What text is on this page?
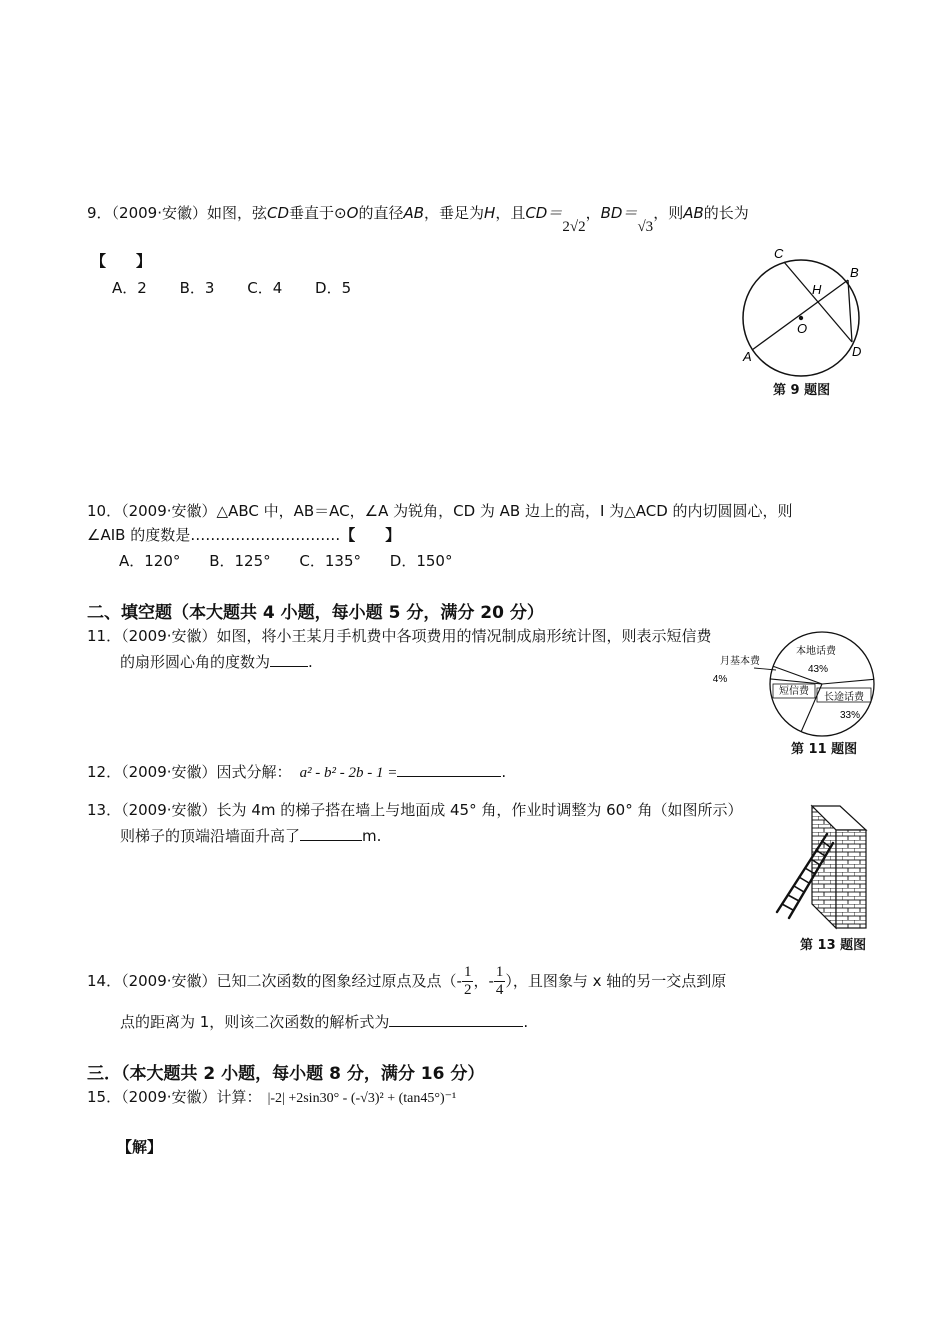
9．（2009·安徽）如图，弦CD垂直于⊙O的直径AB，垂足为H，且CD＝2√2，BD＝√3，则AB的长为
【　　】
A．2 B．3 C．4 D．5
C
B
H
O
A	D
第 9 题图
10．（2009·安徽）△ABC 中，AB＝AC，∠A 为锐角，CD 为 AB 边上的高，I 为△ACD 的内切圆圆心，则
∠AIB 的度数是…………………………【　　】
A．120° B．125° C．135° D．150°
二、填空题（本大题共 4 小题，每小题 5 分，满分 20 分）
11．（2009·安徽）如图，将小王某月手机费中各项费用的情况制成扇形统计图，则表示短信费
的扇形圆心角的度数为	.
本地话费
43%
长途话费
33%
短信费
月基本费
4%
第 11 题图
12．（2009·安徽）因式分解： a² - b² - 2b - 1 =	.
13．（2009·安徽）长为 4m 的梯子搭在墙上与地面成 45° 角，作业时调整为 60° 角（如图所示）
则梯子的顶端沿墙面升高了	m.
第 13 题图
14．（2009·安徽）已知二次函数的图象经过原点及点（- $\frac{1}{2}$ ，- $\frac{1}{4}$ ），且图象与 x 轴的另一交点到原
点的距离为 1，则该二次函数的解析式为	.
三．（本大题共 2 小题，每小题 8 分，满分 16 分）
15．（2009·安徽）计算： |-2| +2sin30° - (-√3)² + (tan45°)⁻¹
【解】
